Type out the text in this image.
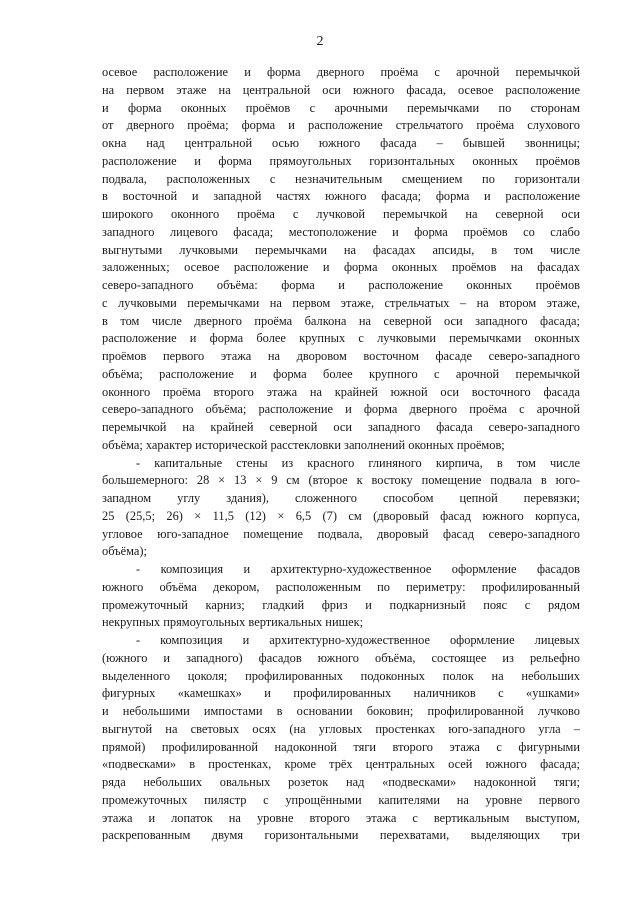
2
осевое расположение и форма дверного проёма с арочной перемычкой
на первом этаже на центральной оси южного фасада, осевое расположение
и форма оконных проёмов с арочными перемычками по сторонам
от дверного проёма; форма и расположение стрельчатого проёма слухового
окна над центральной осью южного фасада – бывшей звонницы;
расположение и форма прямоугольных горизонтальных оконных проёмов
подвала, расположенных с незначительным смещением по горизонтали
в восточной и западной частях южного фасада; форма и расположение
широкого оконного проёма с лучковой перемычкой на северной оси
западного лицевого фасада; местоположение и форма проёмов со слабо
выгнутыми лучковыми перемычками на фасадах апсиды, в том числе
заложенных; осевое расположение и форма оконных проёмов на фасадах
северо-западного объёма: форма и расположение оконных проёмов
с лучковыми перемычками на первом этаже, стрельчатых – на втором этаже,
в том числе дверного проёма балкона на северной оси западного фасада;
расположение и форма более крупных с лучковыми перемычками оконных
проёмов первого этажа на дворовом восточном фасаде северо-западного
объёма; расположение и форма более крупного с арочной перемычкой
оконного проёма второго этажа на крайней южной оси восточного фасада
северо-западного объёма; расположение и форма дверного проёма с арочной
перемычкой на крайней северной оси западного фасада северо-западного
объёма; характер исторической расстекловки заполнений оконных проёмов;
- капитальные стены из красного глиняного кирпича, в том числе
большемерного: 28 × 13 × 9 см (второе к востоку помещение подвала в юго-
западном углу здания), сложенного способом цепной перевязки;
25 (25,5; 26) × 11,5 (12) × 6,5 (7) см (дворовый фасад южного корпуса,
угловое юго-западное помещение подвала, дворовый фасад северо-западного
объёма);
- композиция и архитектурно-художественное оформление фасадов
южного объёма декором, расположенным по периметру: профилированный
промежуточный карниз; гладкий фриз и подкарнизный пояс с рядом
некрупных прямоугольных вертикальных нишек;
- композиция и архитектурно-художественное оформление лицевых
(южного и западного) фасадов южного объёма, состоящее из рельефно
выделенного цоколя; профилированных подоконных полок на небольших
фигурных «камешках» и профилированных наличников с «ушками»
и небольшими импостами в основании боковин; профилированной лучково
выгнутой на световых осях (на угловых простенках юго-западного угла –
прямой) профилированной надоконной тяги второго этажа с фигурными
«подвесками» в простенках, кроме трёх центральных осей южного фасада;
ряда небольших овальных розеток над «подвесками» надоконной тяги;
промежуточных пилястр с упрощёнными капителями на уровне первого
этажа и лопаток на уровне второго этажа с вертикальным выступом,
раскрепованным двумя горизонтальными перехватами, выделяющих три
